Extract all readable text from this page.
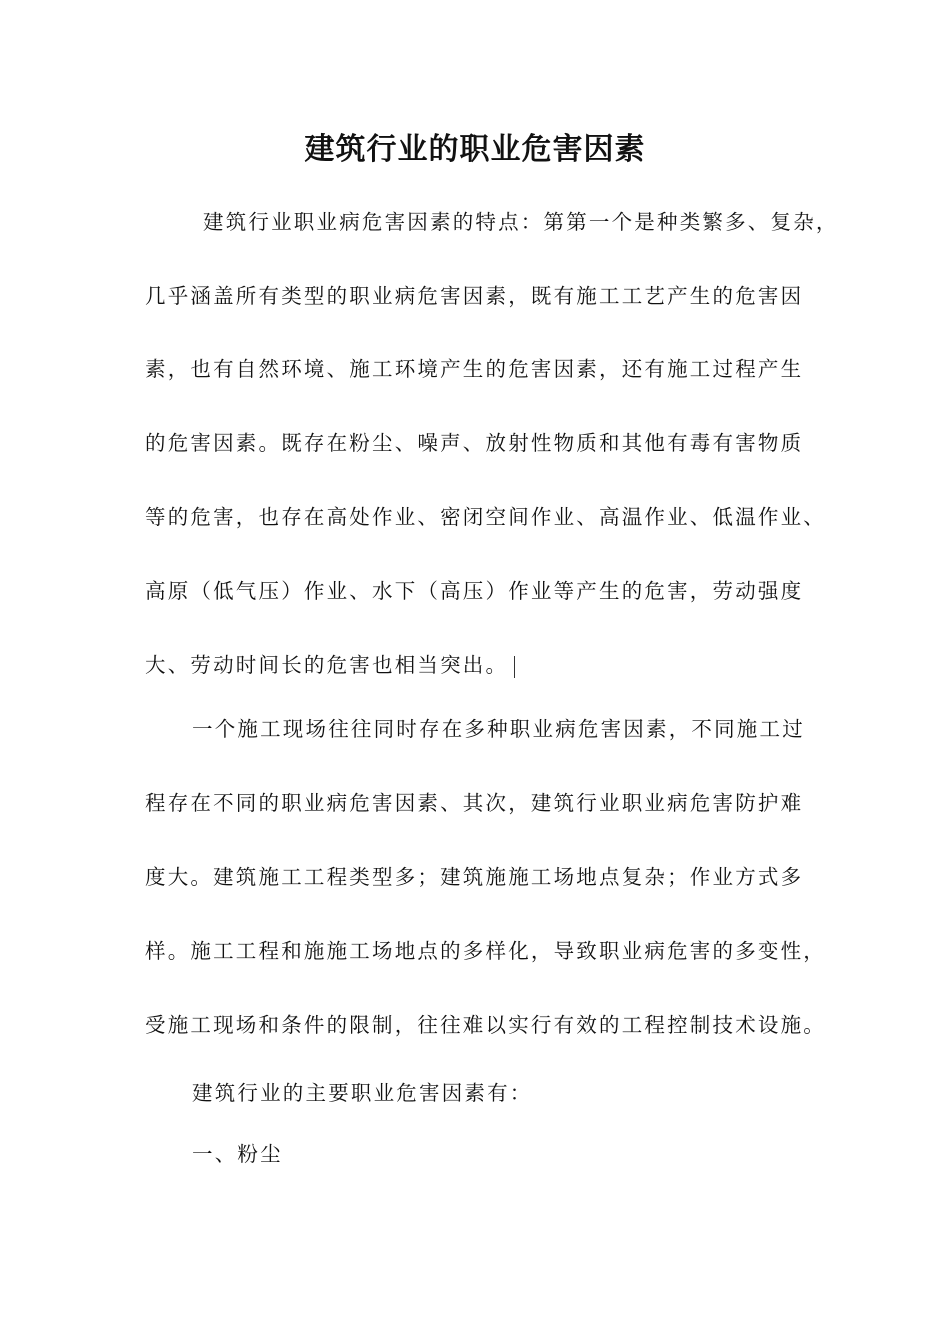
建筑行业的职业危害因素
建筑行业职业病危害因素的特点：第第一个是种类繁多、复杂，
几乎涵盖所有类型的职业病危害因素，既有施工工艺产生的危害因
素，也有自然环境、施工环境产生的危害因素，还有施工过程产生
的危害因素。既存在粉尘、噪声、放射性物质和其他有毒有害物质
等的危害，也存在高处作业、密闭空间作业、高温作业、低温作业、
高原（低气压）作业、水下（高压）作业等产生的危害，劳动强度
大、劳动时间长的危害也相当突出。
一个施工现场往往同时存在多种职业病危害因素，不同施工过
程存在不同的职业病危害因素、其次，建筑行业职业病危害防护难
度大。建筑施工工程类型多；建筑施施工场地点复杂；作业方式多
样。施工工程和施施工场地点的多样化，导致职业病危害的多变性，
受施工现场和条件的限制，往往难以实行有效的工程控制技术设施。
建筑行业的主要职业危害因素有：
一、粉尘
